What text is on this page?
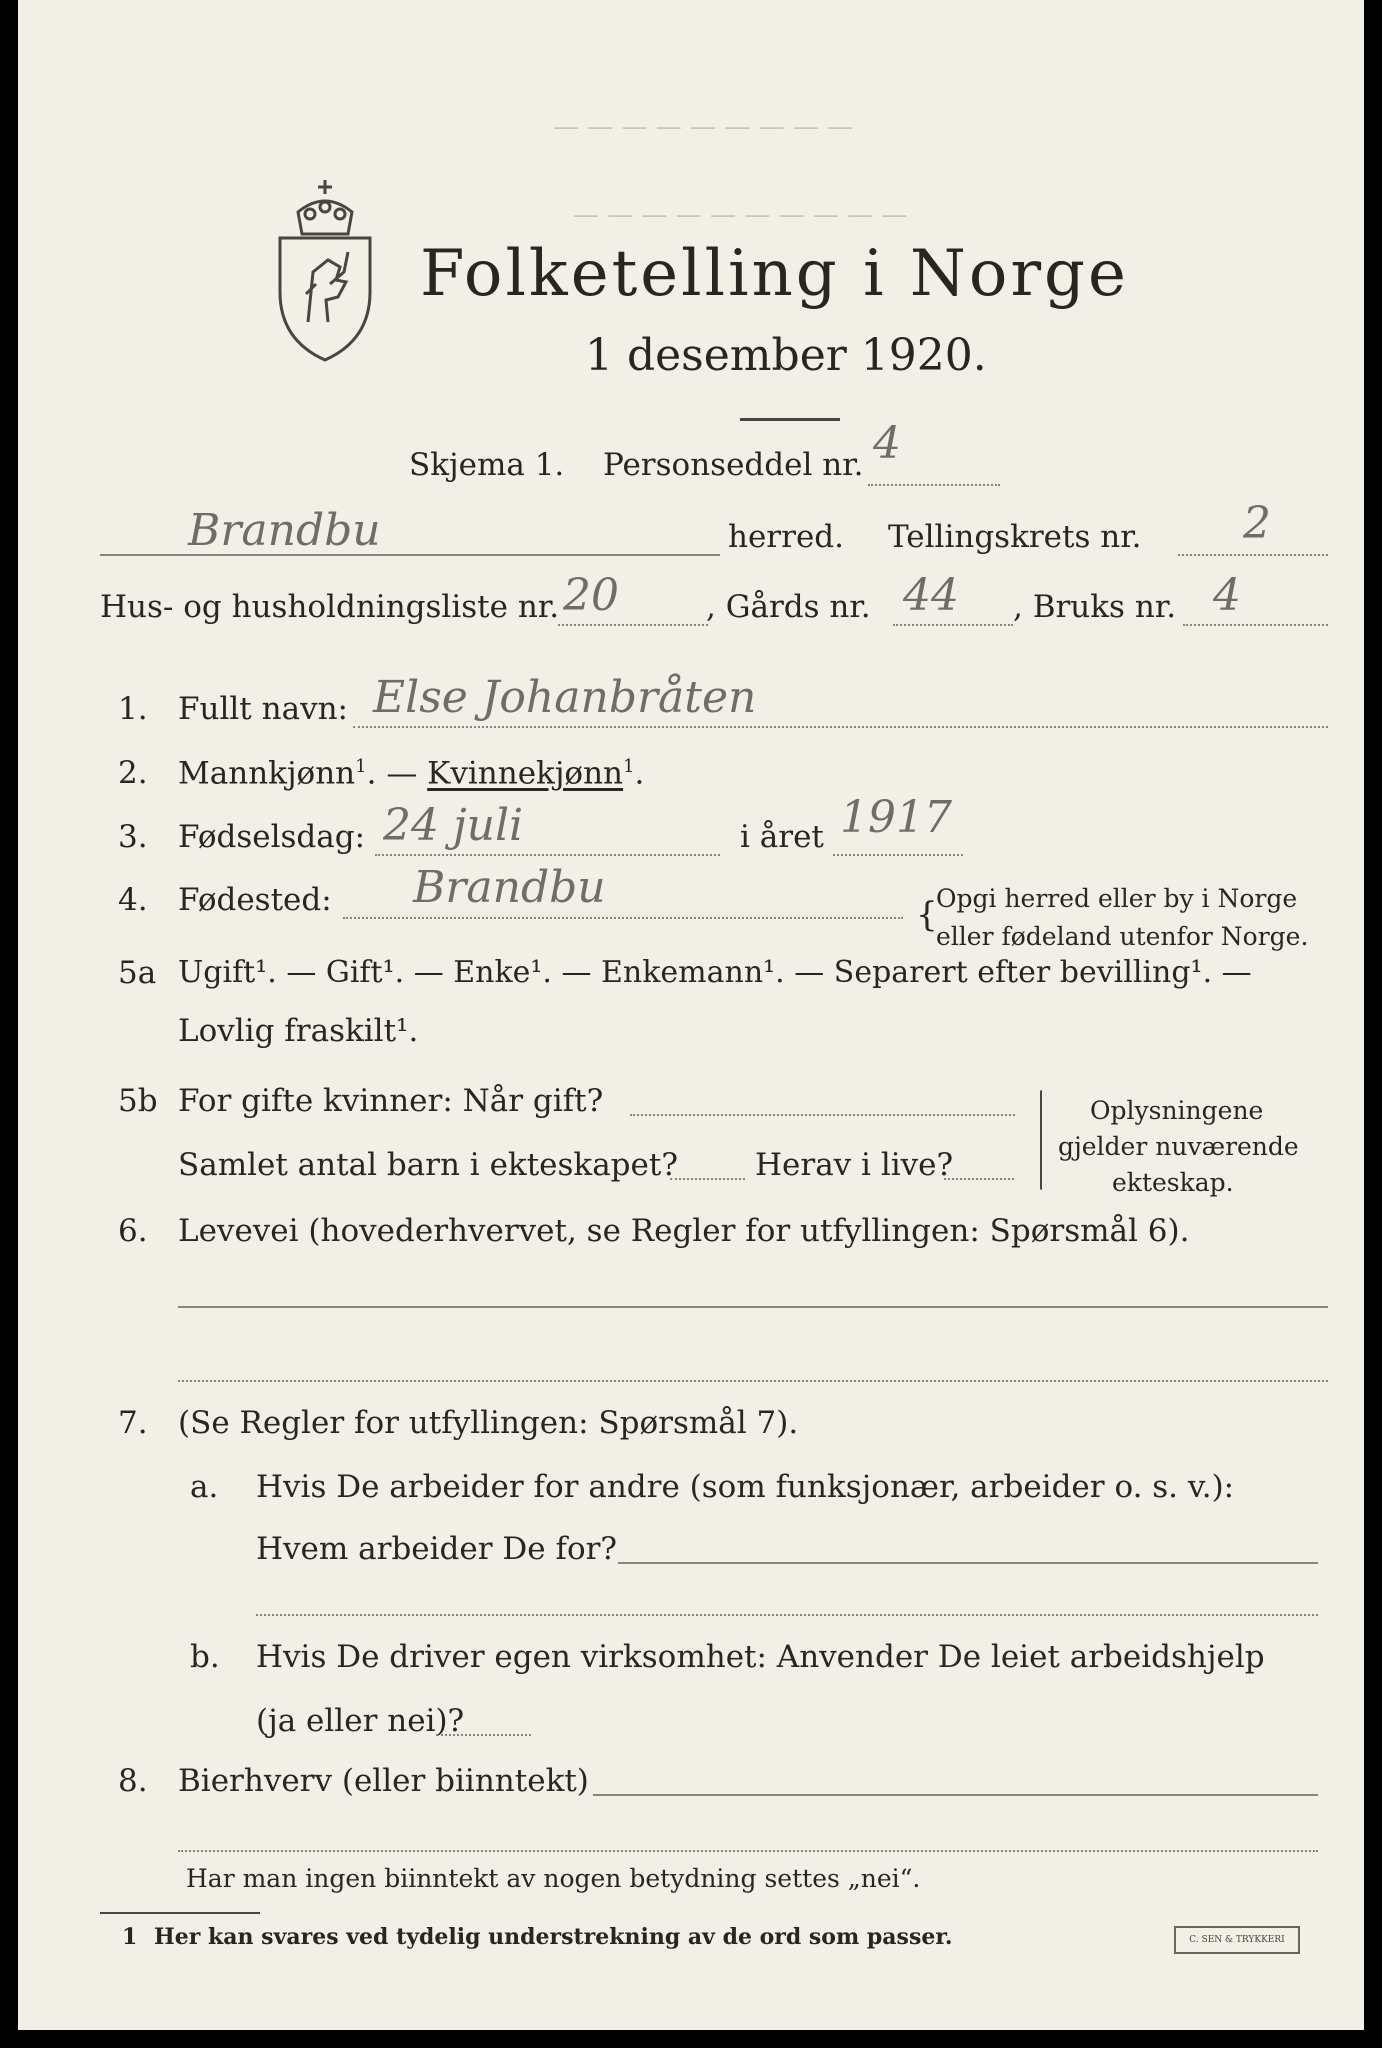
— — — — — — — — —
— — — — — — — — — —
Folketelling i Norge
1 desember 1920.
Skjema 1. Personseddel nr. 4
Brandbu	herred. Tellingskrets nr. 2
Hus- og husholdningsliste nr. 20	, Gårds nr. 44 , Bruks nr. 4
1. Fullt navn: Else Johanbråten
2. Mannkjønn$^1$. — Kvinnekjønn$^1$.
3. Fødselsdag: 24 juli	i året 1917
4. Fødested: Brandbu
{
Opgi herred eller by i Norge
eller fødeland utenfor Norge.
5a Ugift¹. — Gift¹. — Enke¹. — Enkemann¹. — Separert efter bevilling¹. —
Lovlig fraskilt¹.
5b For gifte kvinner: Når gift?
Samlet antal barn i ekteskapet? Herav i live?
Oplysningene
gjelder nuværende
ekteskap.
6. Levevei (hovederhvervet, se Regler for utfyllingen: Spørsmål 6).
7. (Se Regler for utfyllingen: Spørsmål 7).
a. Hvis De arbeider for andre (som funksjonær, arbeider o. s. v.):
Hvem arbeider De for?
b. Hvis De driver egen virksomhet: Anvender De leiet arbeidshjelp
(ja eller nei)?
8. Bierhverv (eller biinntekt)
Har man ingen biinntekt av nogen betydning settes „nei“.
1 Her kan svares ved tydelig understrekning av de ord som passer.	C. SEN & TRYKKERI
